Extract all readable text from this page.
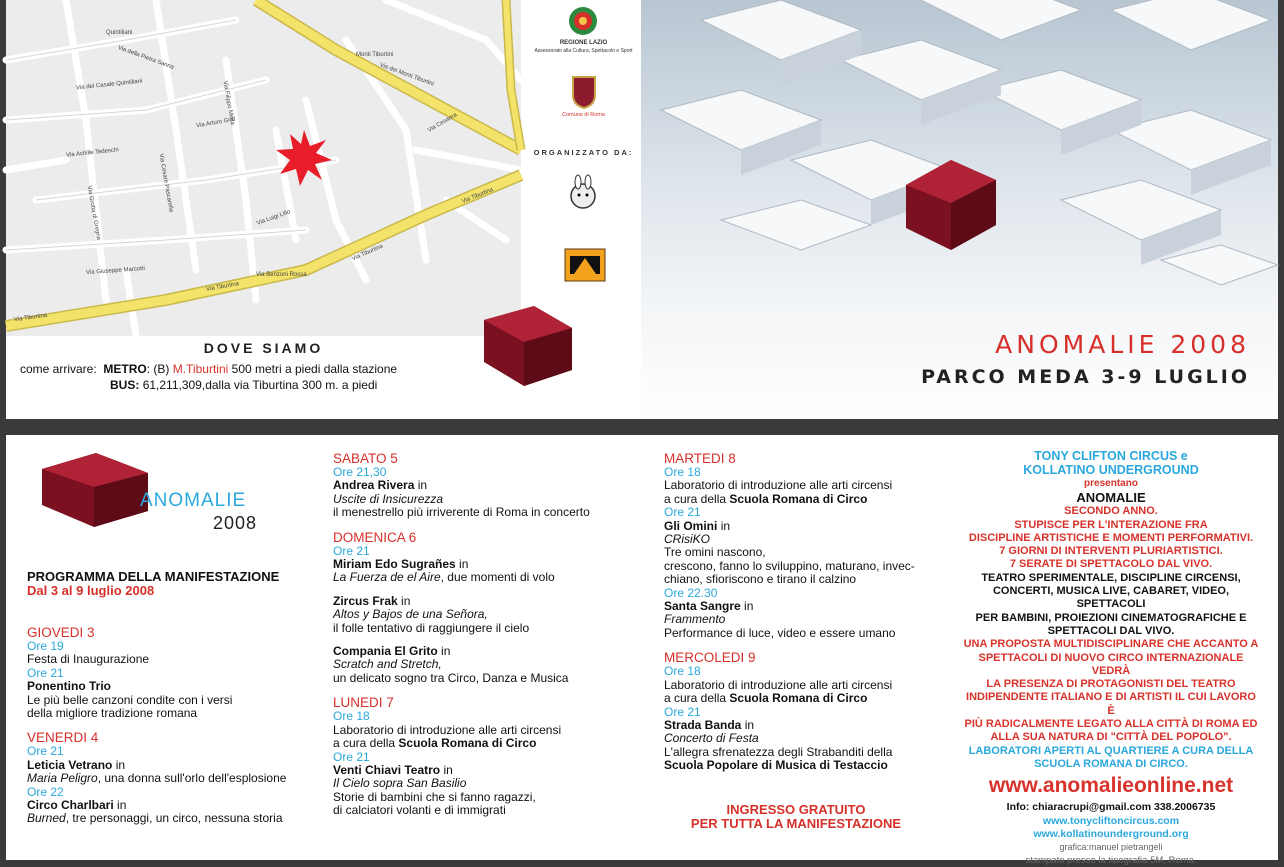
Via dei Monti Tiburtini
Via Tiburtina
Via Tiburtina
Via Tiburtina
Via Filippo Meda
Via Achille Tedeschi
Via Cesare Pascarella
Via Arturo Graf
Via Giuseppe Marcotti
Via Grotta di Gregna	Via Luigi Lilio
Via Benzoni Rossa
Via Cesarea
Via della Pietra Sanna
Via del Casale Quintiliani
Quintiliani
Monti Tiburtini
Via Tiburtina
DOVE SIAMO
come arrivare: METRO: (B) M.Tiburtini 500 metri a piedi dalla stazione
BUS: 61,211,309,dalla via Tiburtina 300 m. a piedi
REGIONE LAZIO
Assessorato alla Cultura, Spettacolo e Sport
Comune di Roma
ORGANIZZATO DA:
ANOMALIE 2008
PARCO MEDA 3-9 LUGLIO
ANOMALIE
2008
PROGRAMMA DELLA MANIFESTAZIONE
Dal 3 al 9 luglio 2008
GIOVEDI 3
Ore 19
Festa di Inaugurazione
Ore 21
Ponentino Trio
Le più belle canzoni condite con i versi
della migliore tradizione romana
VENERDI 4
Ore 21
Leticia Vetrano in
Maria Peligro, una donna sull'orlo dell'esplosione
Ore 22
Circo Charlbari in
Burned, tre personaggi, un circo, nessuna storia
SABATO 5
Ore 21,30
Andrea Rivera in
Uscite di Insicurezza
il menestrello più irriverente di Roma in concerto
DOMENICA 6
Ore 21
Miriam Edo Sugrañes in
La Fuerza de el Aire, due momenti di volo
Zircus Frak in
Altos y Bajos de una Señora,
il folle tentativo di raggiungere il cielo
Compania El Grito in
Scratch and Stretch,
un delicato sogno tra Circo, Danza e Musica
LUNEDI 7
Ore 18
Laboratorio di introduzione alle arti circensi
a cura della Scuola Romana di Circo
Ore 21
Venti Chiavi Teatro in
Il Cielo sopra San Basilio
Storie di bambini che si fanno ragazzi,
di calciatori volanti e di immigrati
MARTEDI 8
Ore 18
Laboratorio di introduzione alle arti circensi
a cura della Scuola Romana di Circo
Ore 21
Gli Omini in
CRisiKO
Tre omini nascono,
crescono, fanno lo sviluppino, maturano, invec-
chiano, sfioriscono e tirano il calzino
Ore 22.30
Santa Sangre in
Frammento
Performance di luce, video e essere umano
MERCOLEDI 9
Ore 18
Laboratorio di introduzione alle arti circensi
a cura della Scuola Romana di Circo
Ore 21
Strada Banda in
Concerto di Festa
L'allegra sfrenatezza degli Strabanditi della
Scuola Popolare di Musica di Testaccio
INGRESSO GRATUITO
PER TUTTA LA MANIFESTAZIONE
TONY CLIFTON CIRCUS e
KOLLATINO UNDERGROUND
presentano
ANOMALIE
SECONDO ANNO.
STUPISCE PER L'INTERAZIONE FRA
DISCIPLINE ARTISTICHE E MOMENTI PERFORMATIVI.
7 GIORNI DI INTERVENTI PLURIARTISTICI.
7 SERATE DI SPETTACOLO DAL VIVO.
TEATRO SPERIMENTALE, DISCIPLINE CIRCENSI,
CONCERTI, MUSICA LIVE, CABARET, VIDEO, SPETTACOLI
PER BAMBINI, PROIEZIONI CINEMATOGRAFICHE E
SPETTACOLI DAL VIVO.
UNA PROPOSTA MULTIDISCIPLINARE CHE ACCANTO A
SPETTACOLI DI NUOVO CIRCO INTERNAZIONALE VEDRÀ
LA PRESENZA DI PROTAGONISTI DEL TEATRO
INDIPENDENTE ITALIANO E DI ARTISTI IL CUI LAVORO È
PIÙ RADICALMENTE LEGATO ALLA CITTÀ DI ROMA ED
ALLA SUA NATURA DI "CITTÀ DEL POPOLO".
LABORATORI APERTI AL QUARTIERE A CURA DELLA
SCUOLA ROMANA DI CIRCO.
www.anomalieonline.net
Info: chiaracrupi@gmail.com 338.2006735
www.tonycliftoncircus.com
www.kollatinounderground.org
grafica:manuel pietrangeli
stampato presso la tipografia 5M, Roma.
